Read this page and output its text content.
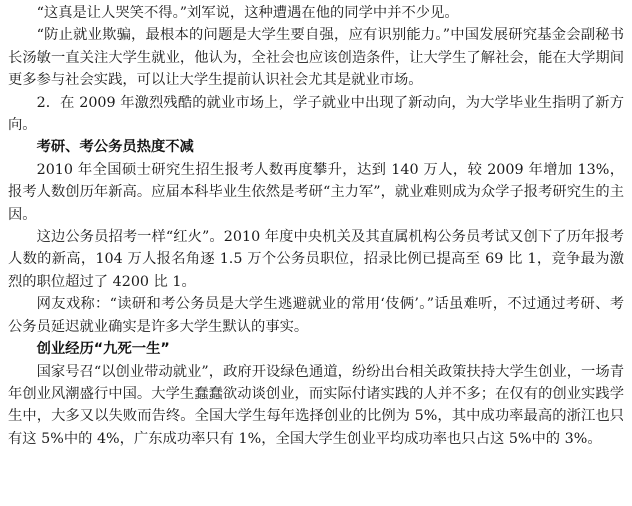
“这真是让人哭笑不得。”刘军说，这种遭遇在他的同学中并不少见。

“防止就业欺骗，最根本的问题是大学生要自强，应有识别能力。”中国发展研究基金会副秘书长汤敏一直关注大学生就业，他认为，全社会也应该创造条件，让大学生了解社会，能在大学期间更多参与社会实践，可以让大学生提前认识社会尤其是就业市场。

2．在 2009 年激烈残酷的就业市场上，学子就业中出现了新动向，为大学毕业生指明了新方向。

考研、考公务员热度不减

2010 年全国硕士研究生招生报考人数再度攀升，达到 140 万人，较 2009 年增加 13%，报考人数创历年新高。应届本科毕业生依然是考研“主力军”，就业难则成为众学子报考研究生的主因。

这边公务员招考一样“红火”。2010 年度中央机关及其直属机构公务员考试又创下了历年报考人数的新高，104 万人报名角逐 1.5 万个公务员职位，招录比例已提高至 69 比 1，竞争最为激烈的职位超过了 4200 比 1。

网友戏称：“读研和考公务员是大学生逃避就业的常用‘伎俩’。”话虽难听，不过通过考研、考公务员延迟就业确实是许多大学生默认的事实。

创业经历“九死一生”

国家号召“以创业带动就业”，政府开设绿色通道，纷纷出台相关政策扶持大学生创业，一场青年创业风潮盛行中国。大学生蠢蠢欲动谈创业，而实际付诸实践的人并不多；在仅有的创业实践学生中，大多又以失败而告终。全国大学生每年选择创业的比例为 5%，其中成功率最高的浙江也只有这 5%中的 4%，广东成功率只有 1%，全国大学生创业平均成功率也只占这 5%中的 3%。
